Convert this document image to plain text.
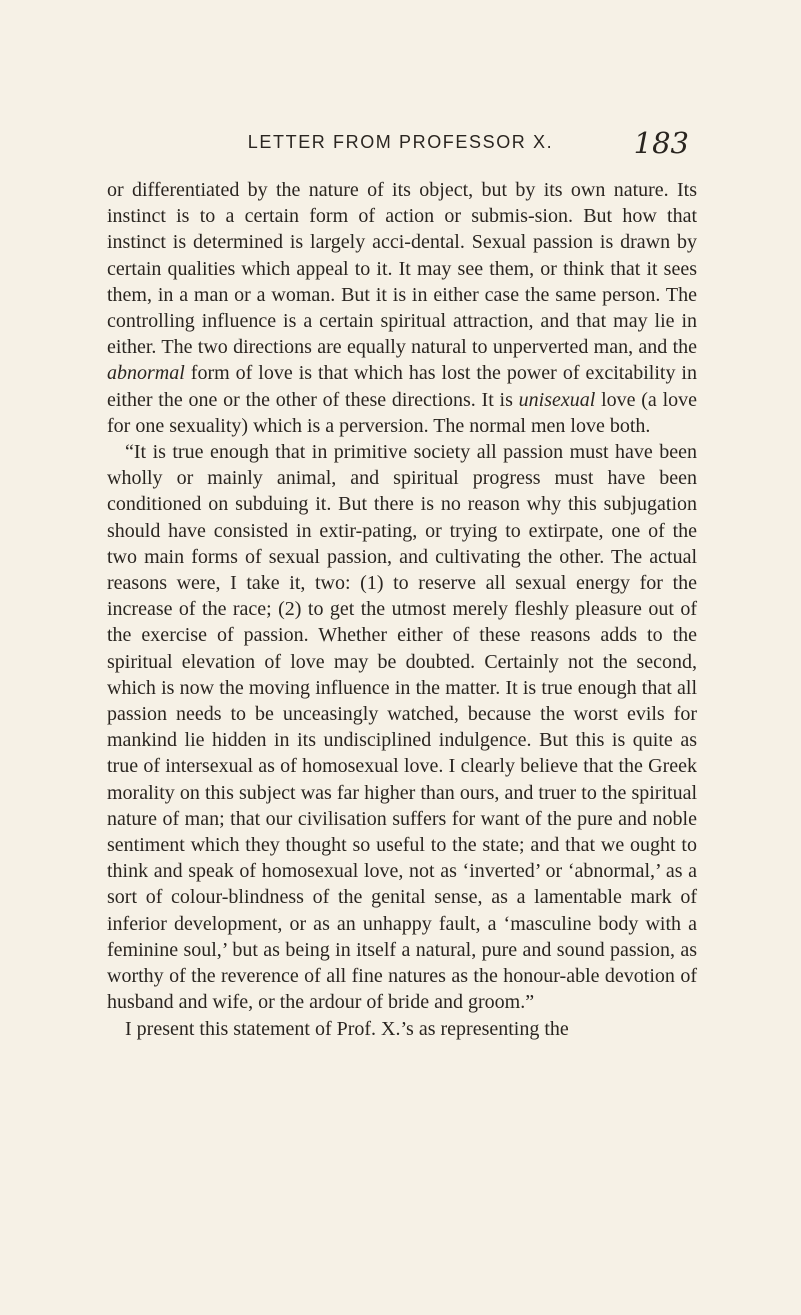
LETTER FROM PROFESSOR X.	183

or differentiated by the nature of its object, but by its own nature. Its instinct is to a certain form of action or submis-sion. But how that instinct is determined is largely acci-dental. Sexual passion is drawn by certain qualities which appeal to it. It may see them, or think that it sees them, in a man or a woman. But it is in either case the same person. The controlling influence is a certain spiritual attraction, and that may lie in either. The two directions are equally natural to unperverted man, and the abnormal form of love is that which has lost the power of excitability in either the one or the other of these directions. It is unisexual love (a love for one sexuality) which is a perversion. The normal men love both.

“It is true enough that in primitive society all passion must have been wholly or mainly animal, and spiritual progress must have been conditioned on subduing it. But there is no reason why this subjugation should have consisted in extir-pating, or trying to extirpate, one of the two main forms of sexual passion, and cultivating the other. The actual reasons were, I take it, two: (1) to reserve all sexual energy for the increase of the race; (2) to get the utmost merely fleshly pleasure out of the exercise of passion. Whether either of these reasons adds to the spiritual elevation of love may be doubted. Certainly not the second, which is now the moving influence in the matter. It is true enough that all passion needs to be unceasingly watched, because the worst evils for mankind lie hidden in its undisciplined indulgence. But this is quite as true of intersexual as of homosexual love. I clearly believe that the Greek morality on this subject was far higher than ours, and truer to the spiritual nature of man; that our civilisation suffers for want of the pure and noble sentiment which they thought so useful to the state; and that we ought to think and speak of homosexual love, not as ‘inverted’ or ‘abnormal,’ as a sort of colour-blindness of the genital sense, as a lamentable mark of inferior development, or as an unhappy fault, a ‘masculine body with a feminine soul,’ but as being in itself a natural, pure and sound passion, as worthy of the reverence of all fine natures as the honour-able devotion of husband and wife, or the ardour of bride and groom.”

I present this statement of Prof. X.’s as representing the
